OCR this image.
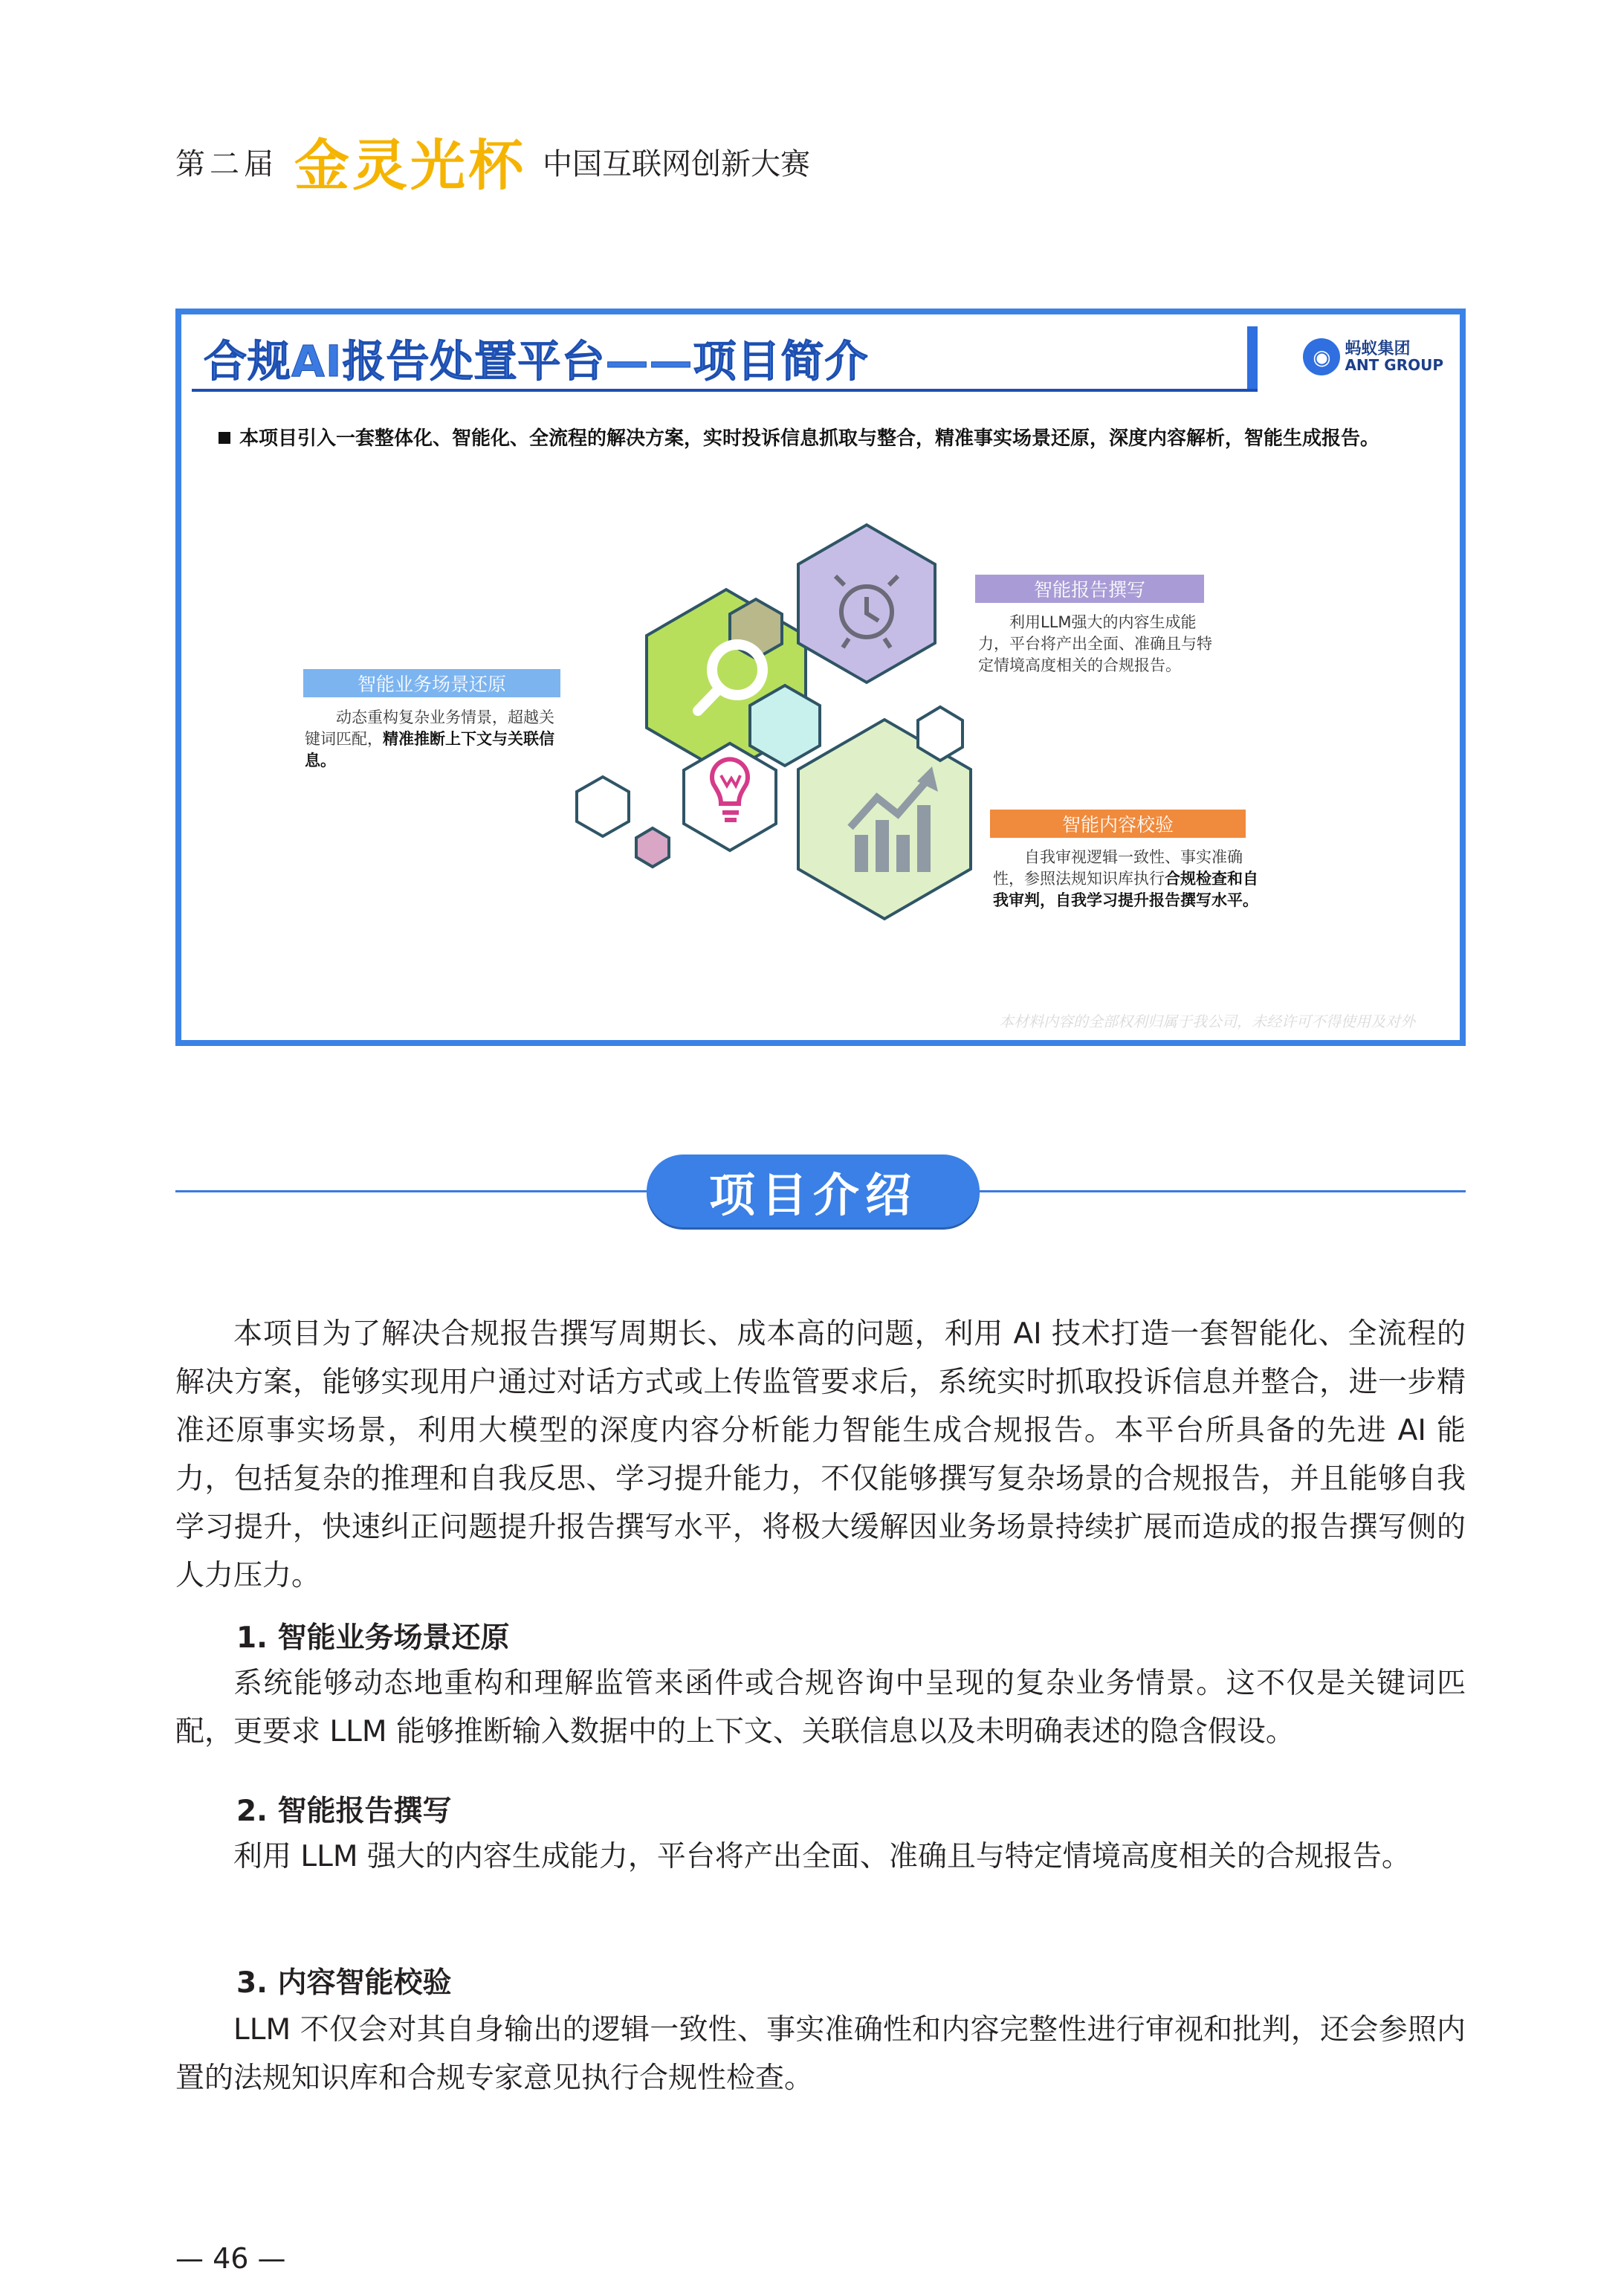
第二届 金灵光杯 中国互联网创新大赛
合规AI报告处置平台——项目简介	◉ 蚂蚁集团
ANT GROUP
本项目引入一套整体化、智能化、全流程的解决方案，实时投诉信息抓取与整合，精准事实场景还原，深度内容解析，智能生成报告。
智能业务场景还原
动态重构复杂业务情景，超越关键词匹配，精准推断上下文与关联信息。
智能报告撰写
利用LLM强大的内容生成能力，平台将产出全面、准确且与特定情境高度相关的合规报告。
智能内容校验
自我审视逻辑一致性、事实准确性，参照法规知识库执行合规检查和自我审判，自我学习提升报告撰写水平。
本材料内容的全部权利归属于我公司，未经许可不得使用及对外
项目介绍

本项目为了解决合规报告撰写周期长、成本高的问题，利用 AI 技术打造一套智能化、全流程的解决方案，能够实现用户通过对话方式或上传监管要求后，系统实时抓取投诉信息并整合，进一步精准还原事实场景，利用大模型的深度内容分析能力智能生成合规报告。本平台所具备的先进 AI 能力，包括复杂的推理和自我反思、学习提升能力，不仅能够撰写复杂场景的合规报告，并且能够自我学习提升，快速纠正问题提升报告撰写水平，将极大缓解因业务场景持续扩展而造成的报告撰写侧的人力压力。

1. 智能业务场景还原

系统能够动态地重构和理解监管来函件或合规咨询中呈现的复杂业务情景。这不仅是关键词匹配，更要求 LLM 能够推断输入数据中的上下文、关联信息以及未明确表述的隐含假设。

2. 智能报告撰写

利用 LLM 强大的内容生成能力，平台将产出全面、准确且与特定情境高度相关的合规报告。

3. 内容智能校验

LLM 不仅会对其自身输出的逻辑一致性、事实准确性和内容完整性进行审视和批判，还会参照内置的法规知识库和合规专家意见执行合规性检查。

— 46 —
